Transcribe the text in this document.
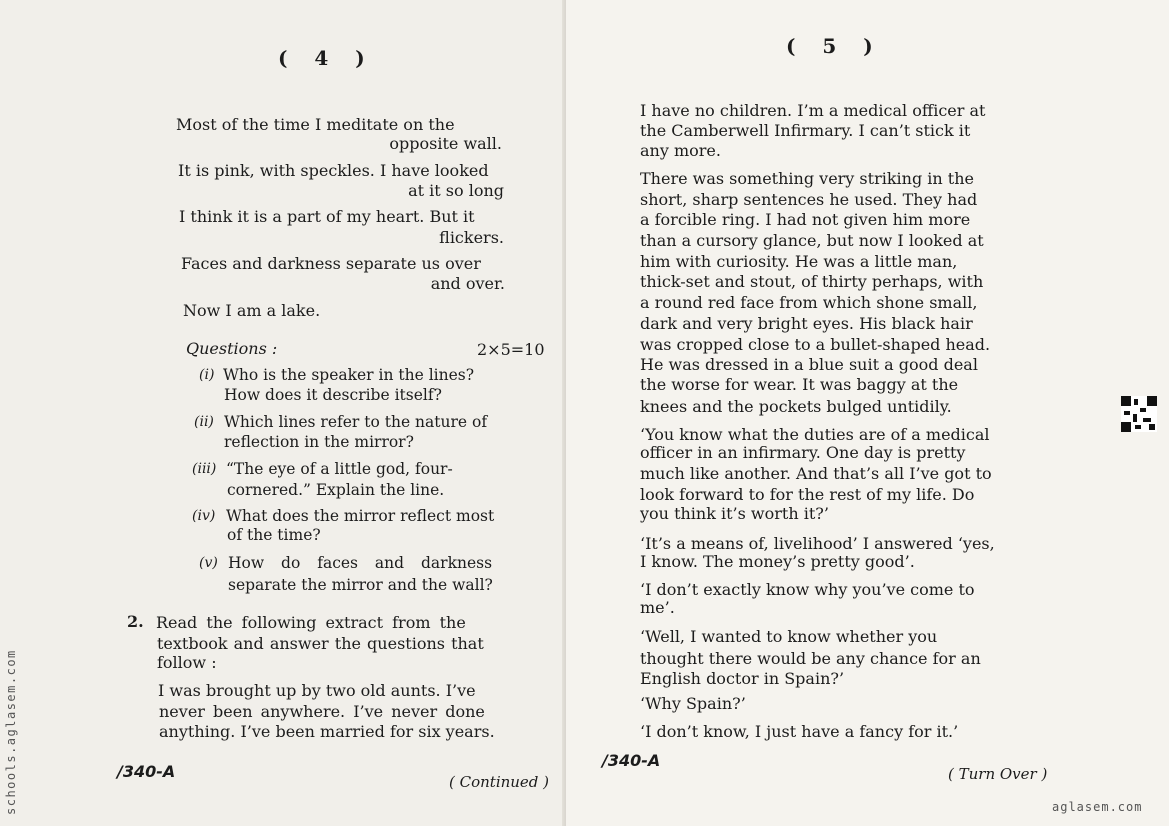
( 4 )
Most of the time I meditate on the
opposite wall.
It is pink, with speckles. I have looked
at it so long
I think it is a part of my heart. But it
flickers.
Faces and darkness separate us over
and over.
Now I am a lake.
Questions :	2×5=10
(i) Who is the speaker in the lines?
How does it describe itself?
(ii) Which lines refer to the nature of
reflection in the mirror?
(iii) “The eye of a little god, four-
cornered.” Explain the line.
(iv) What does the mirror reflect most
of the time?
(v) How do faces and darkness
separate the mirror and the wall?
2. Read the following extract from the
textbook and answer the questions that
follow :
I was brought up by two old aunts. I’ve
never been anywhere. I’ve never done
anything. I’ve been married for six years.
/340-A
( Continued )
( 5 )
I have no children. I’m a medical officer at
the Camberwell Infirmary. I can’t stick it
any more.
There was something very striking in the
short, sharp sentences he used. They had
a forcible ring. I had not given him more
than a cursory glance, but now I looked at
him with curiosity. He was a little man,
thick-set and stout, of thirty perhaps, with
a round red face from which shone small,
dark and very bright eyes. His black hair
was cropped close to a bullet-shaped head.
He was dressed in a blue suit a good deal
the worse for wear. It was baggy at the
knees and the pockets bulged untidily.
‘You know what the duties are of a medical
officer in an infirmary. One day is pretty
much like another. And that’s all I’ve got to
look forward to for the rest of my life. Do
you think it’s worth it?’
‘It’s a means of, livelihood’ I answered ‘yes,
I know. The money’s pretty good’.
‘I don’t exactly know why you’ve come to
me’.
‘Well, I wanted to know whether you
thought there would be any chance for an
English doctor in Spain?’
‘Why Spain?’
‘I don’t know, I just have a fancy for it.’
/340-A
( Turn Over )
schools.aglasem.com	aglasem.com
